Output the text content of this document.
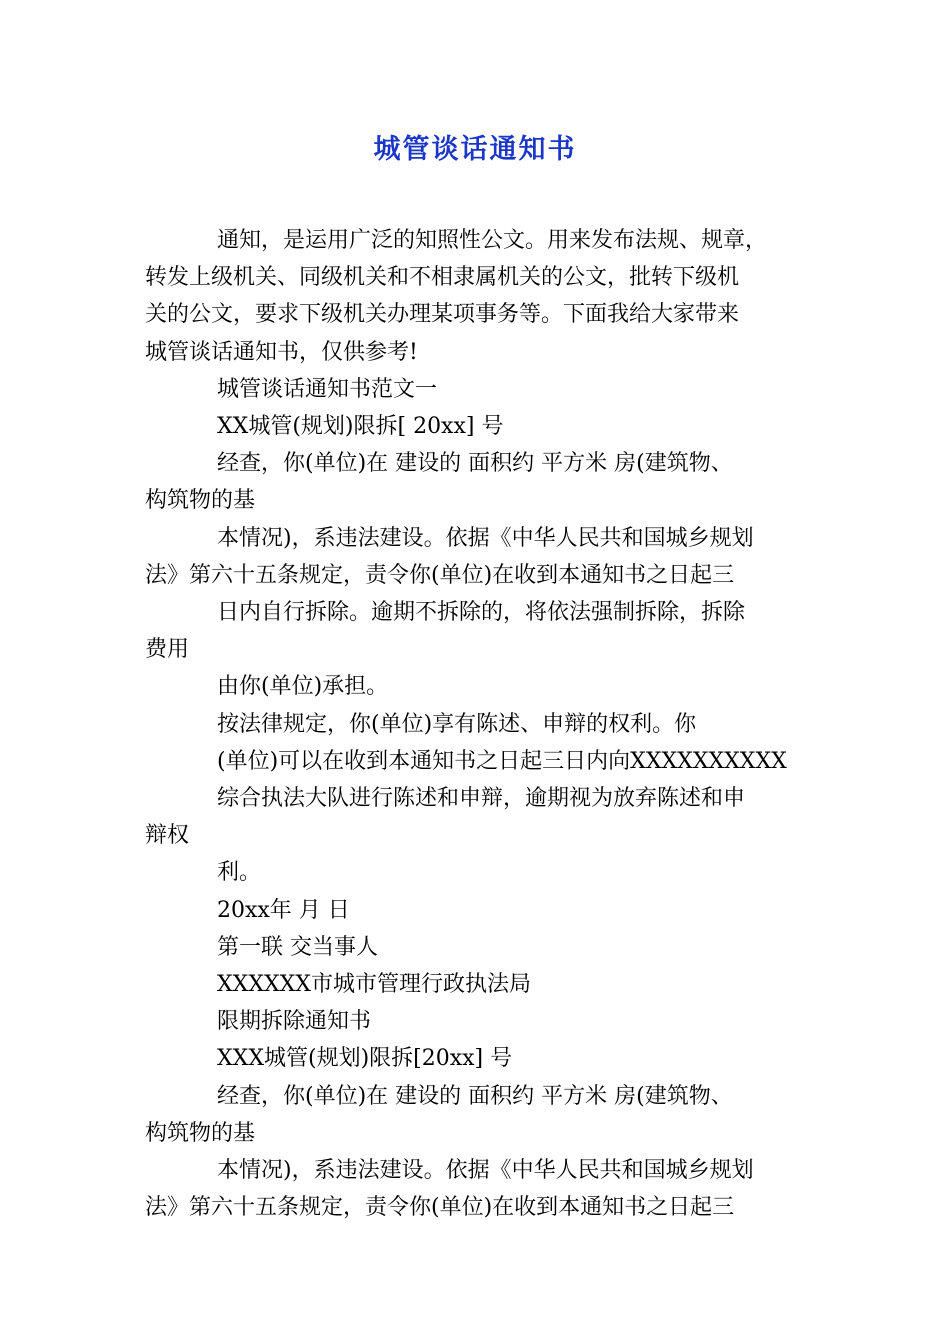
城管谈话通知书
通知，是运用广泛的知照性公文。用来发布法规、规章，
转发上级机关、同级机关和不相隶属机关的公文，批转下级机
关的公文，要求下级机关办理某项事务等。下面我给大家带来
城管谈话通知书，仅供参考!
城管谈话通知书范文一
XX城管(规划)限拆[ 20xx] 号
经查，你(单位)在 建设的 面积约 平方米 房(建筑物、
构筑物的基
本情况)，系违法建设。依据《中华人民共和国城乡规划
法》第六十五条规定，责令你(单位)在收到本通知书之日起三
日内自行拆除。逾期不拆除的，将依法强制拆除，拆除
费用
由你(单位)承担。
按法律规定，你(单位)享有陈述、申辩的权利。你
(单位)可以在收到本通知书之日起三日内向XXXXXXXXXX
综合执法大队进行陈述和申辩，逾期视为放弃陈述和申
辩权
利。
20xx年 月 日
第一联 交当事人
XXXXXX市城市管理行政执法局
限期拆除通知书
XXX城管(规划)限拆[20xx] 号
经查，你(单位)在 建设的 面积约 平方米 房(建筑物、
构筑物的基
本情况)，系违法建设。依据《中华人民共和国城乡规划
法》第六十五条规定，责令你(单位)在收到本通知书之日起三
